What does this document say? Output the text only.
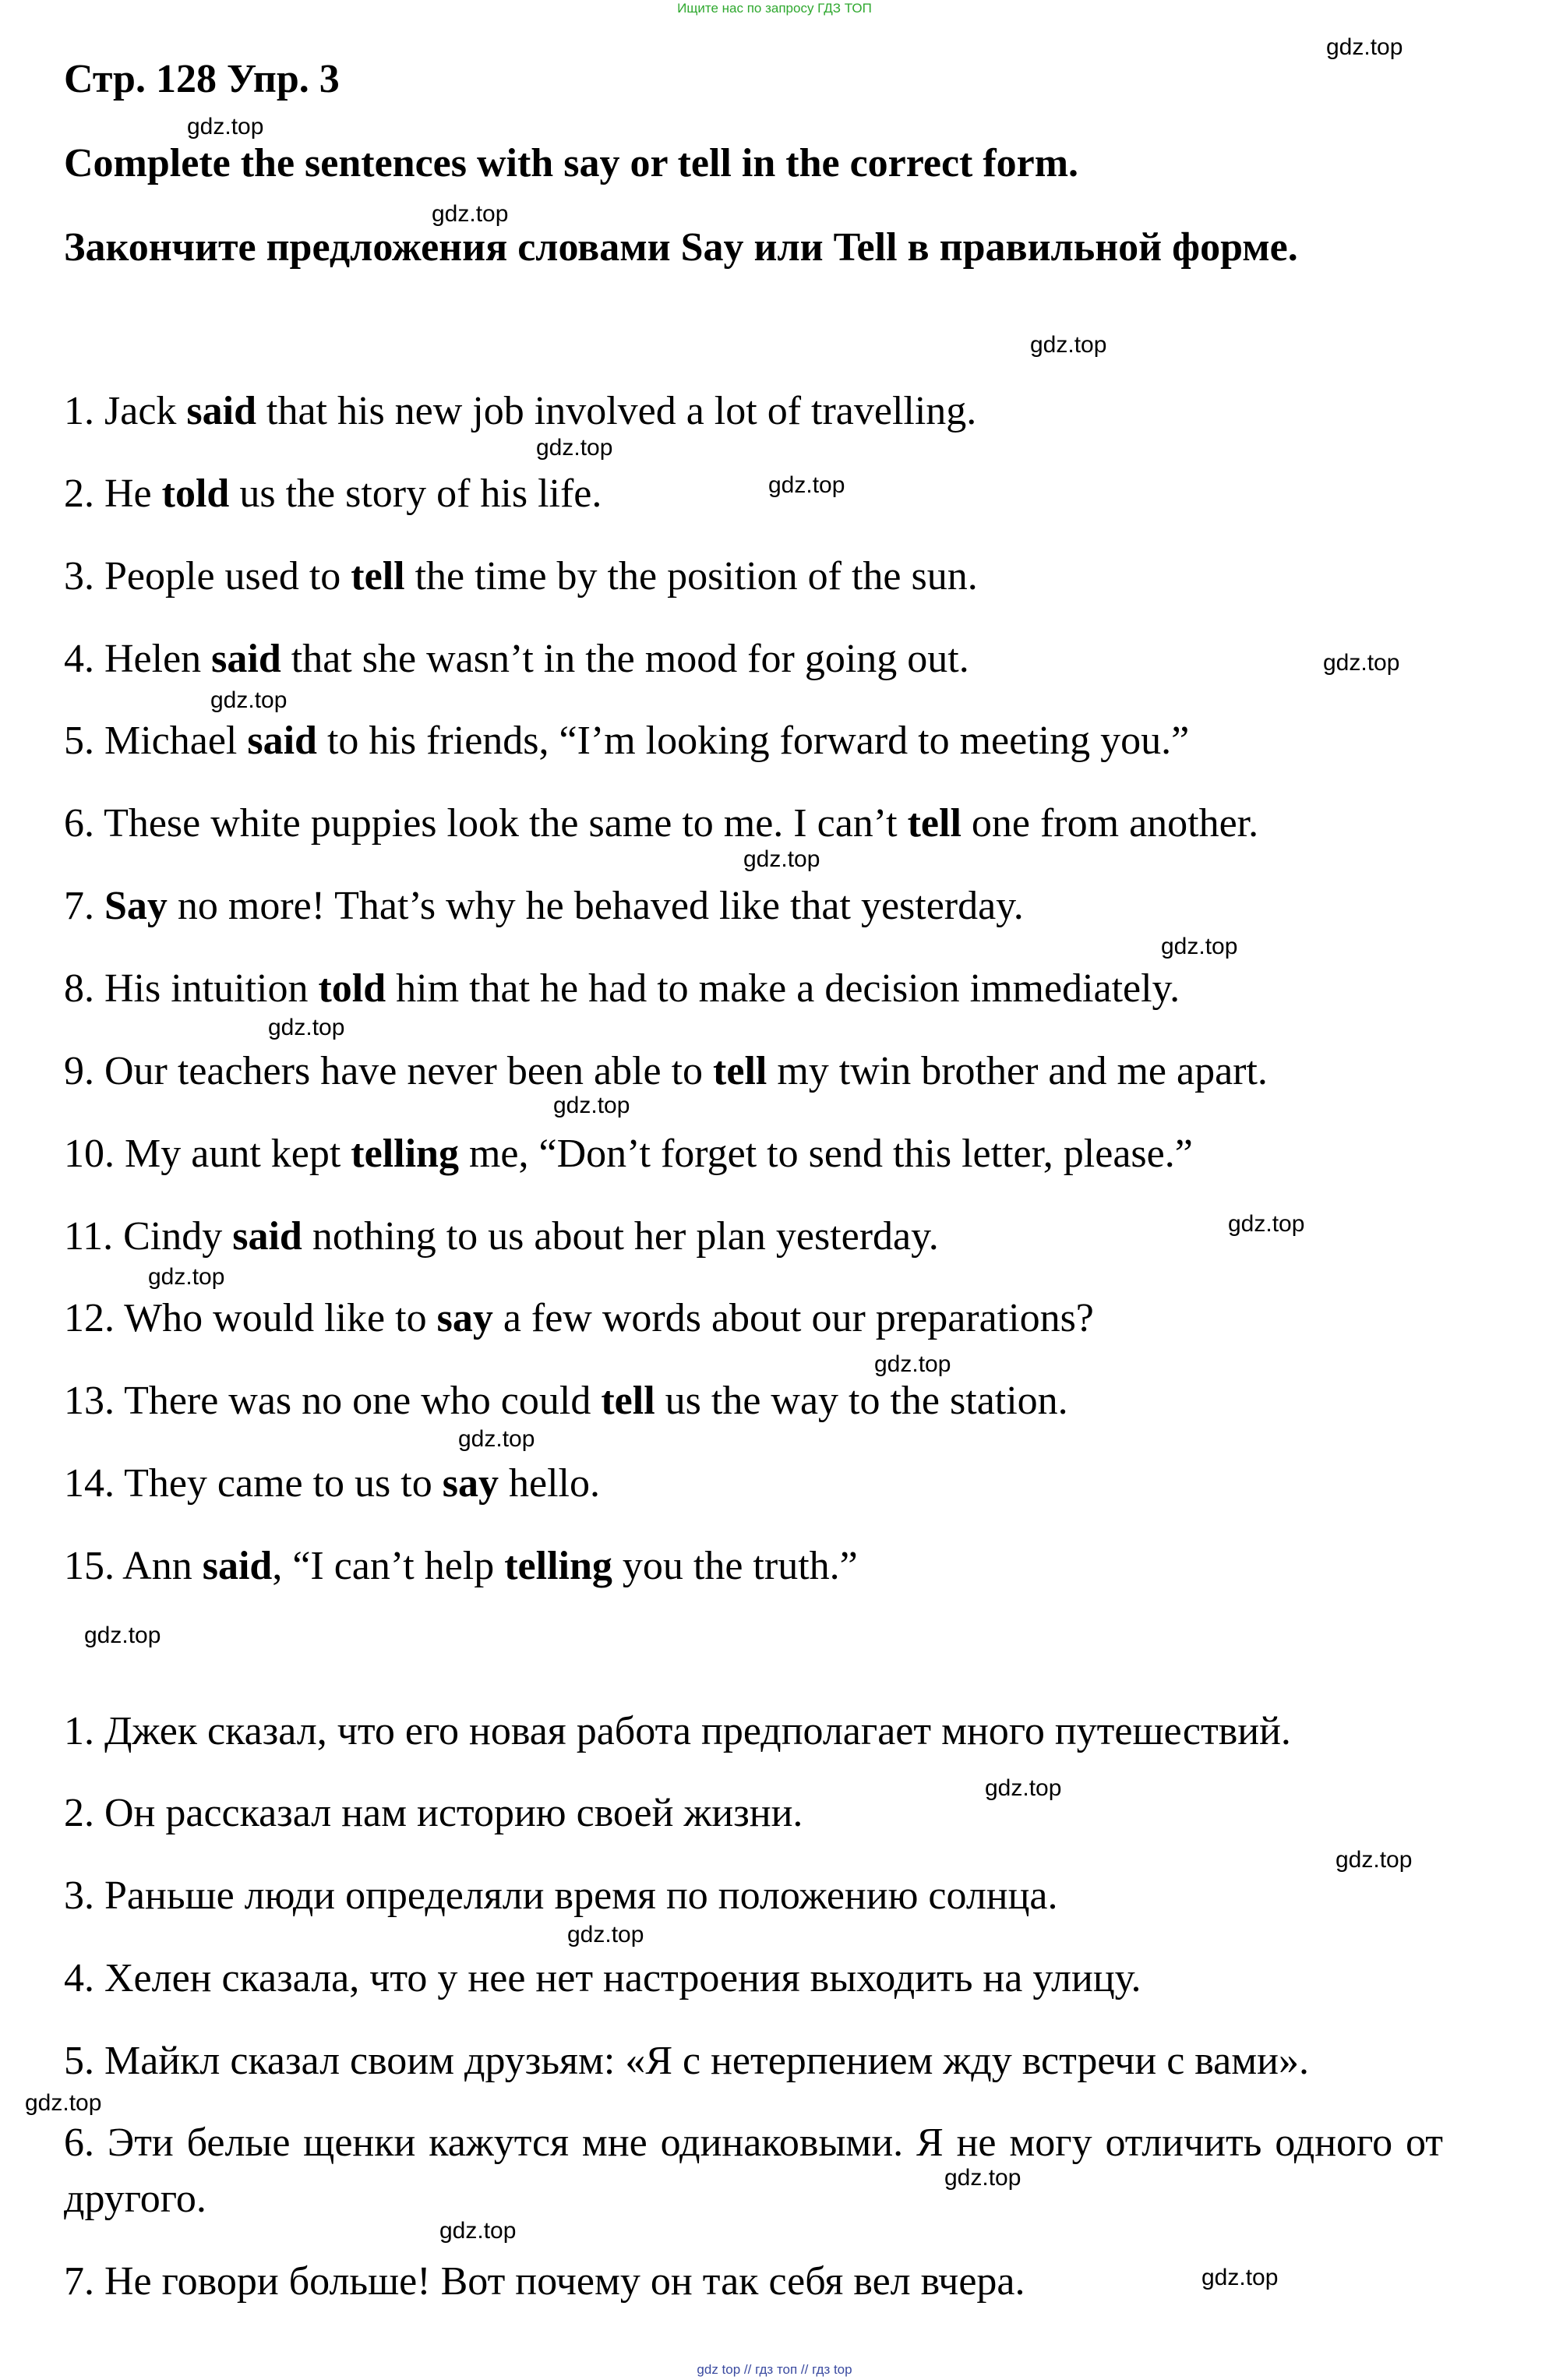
Ищите нас по запросу ГДЗ ТОП
Стр. 128 Упр. 3
Complete the sentences with say or tell in the correct form.
Закончите предложения словами Say или Tell в правильной форме.
1. Jack said that his new job involved a lot of travelling.
2. He told us the story of his life.
3. People used to tell the time by the position of the sun.
4. Helen said that she wasn’t in the mood for going out.
5. Michael said to his friends, “I’m looking forward to meeting you.”
6. These white puppies look the same to me. I can’t tell one from another.
7. Say no more! That’s why he behaved like that yesterday.
8. His intuition told him that he had to make a decision immediately.
9. Our teachers have never been able to tell my twin brother and me apart.
10. My aunt kept telling me, “Don’t forget to send this letter, please.”
11. Cindy said nothing to us about her plan yesterday.
12. Who would like to say a few words about our preparations?
13. There was no one who could tell us the way to the station.
14. They came to us to say hello.
15. Ann said, “I can’t help telling you the truth.”
1. Джек сказал, что его новая работа предполагает много путешествий.
2. Он рассказал нам историю своей жизни.
3. Раньше люди определяли время по положению солнца.
4. Хелен сказала, что у нее нет настроения выходить на улицу.
5. Майкл сказал своим друзьям: «Я с нетерпением жду встречи с вами».
6. Эти белые щенки кажутся мне одинаковыми. Я не могу отличить одного от другого.
7. Не говори больше! Вот почему он так себя вел вчера.
gdz.top
gdz.top
gdz.top
gdz.top
gdz.top
gdz.top
gdz.top
gdz.top
gdz.top
gdz.top
gdz.top
gdz.top
gdz.top
gdz.top
gdz.top
gdz.top
gdz.top
gdz.top
gdz.top
gdz.top
gdz.top
gdz.top
gdz.top
gdz.top
gdz top // гдз топ // гдз top
